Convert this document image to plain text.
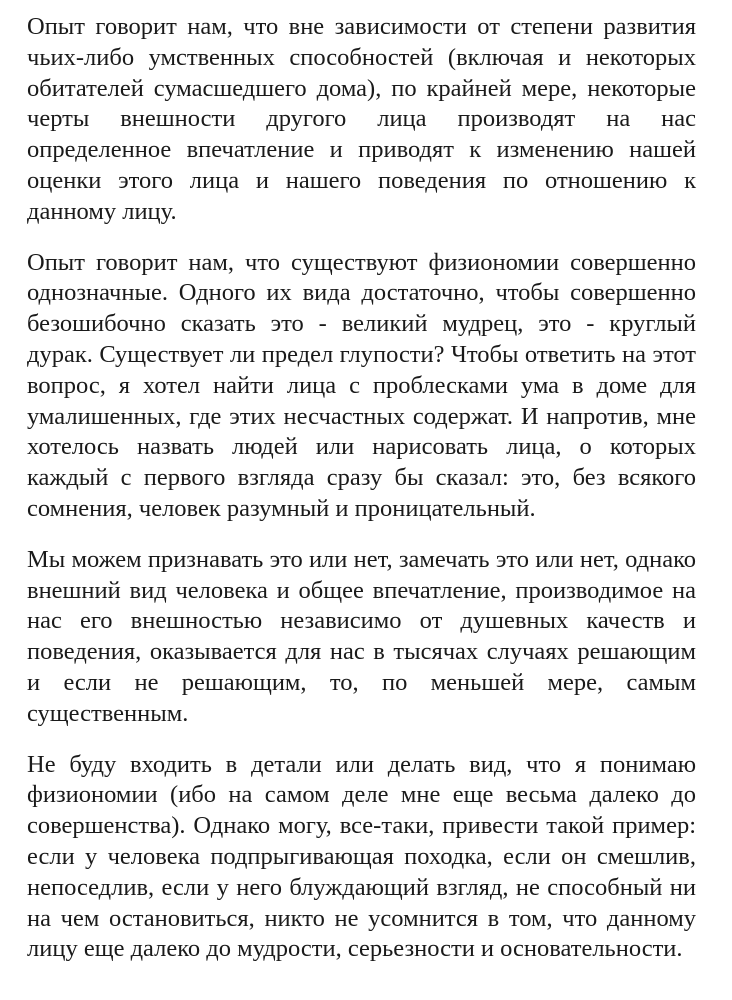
Опыт говорит нам, что вне зависимости от степени развития чьих-либо умственных способностей (включая и некоторых обитателей сумасшедшего дома), по крайней мере, некоторые черты внешности другого лица производят на нас определенное впечатление и приводят к изменению нашей оценки этого лица и нашего поведения по отношению к данному лицу.

Опыт говорит нам, что существуют физиономии совершенно однозначные. Одного их вида достаточно, чтобы совершенно безошибочно сказать это - великий мудрец, это - круглый дурак. Существует ли предел глупости? Чтобы ответить на этот вопрос, я хотел найти лица с проблесками ума в доме для умалишенных, где этих несчастных содержат. И напротив, мне хотелось назвать людей или нарисовать лица, о которых каждый с первого взгляда сразу бы сказал: это, без всякого сомнения, человек разумный и проницательный.

Мы можем признавать это или нет, замечать это или нет, однако внешний вид человека и общее впечатление, производимое на нас его внешностью независимо от душевных качеств и поведения, оказывается для нас в тысячах случаях решающим и если не решающим, то, по меньшей мере, самым существенным.

Не буду входить в детали или делать вид, что я понимаю физиономии (ибо на самом деле мне еще весьма далеко до совершенства). Однако могу, все-таки, привести такой пример: если у человека подпрыгивающая походка, если он смешлив, непоседлив, если у него блуждающий взгляд, не способный ни на чем остановиться, никто не усомнится в том, что данному лицу еще далеко до мудрости, серьезности и основательности.
